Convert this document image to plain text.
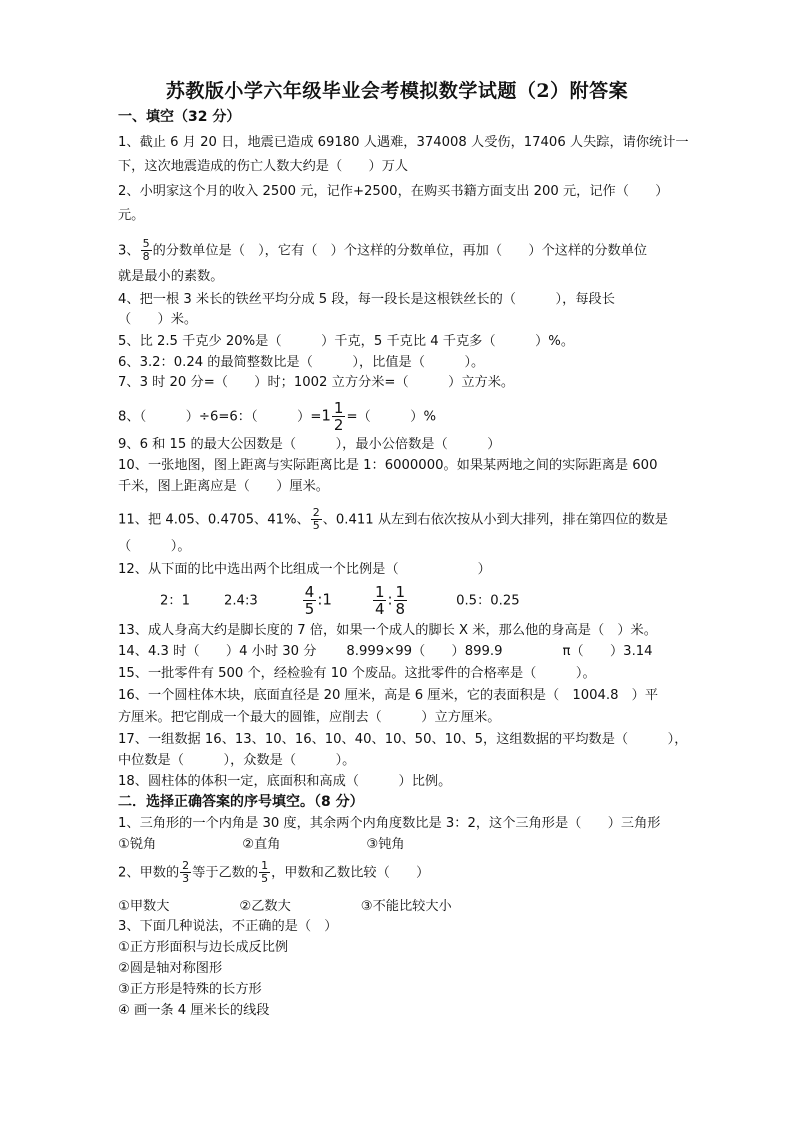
苏教版小学六年级毕业会考模拟数学试题（2）附答案
一、填空（32 分）
1、截止 6 月 20 日，地震已造成 69180 人遇难，374008 人受伤，17406 人失踪，请你统计一
下，这次地震造成的伤亡人数大约是（　　）万人
2、小明家这个月的收入 2500 元，记作+2500，在购买书籍方面支出 200 元，记作（　　）
元。
3、 $\frac{5}{8}$ 的分数单位是（　），它有（　）个这样的分数单位，再加（　　）个这样的分数单位
就是最小的素数。
4、把一根 3 米长的铁丝平均分成 5 段，每一段长是这根铁丝长的（　　　），每段长
（　　）米。
5、比 2.5 千克少 20%是（　　　）千克，5 千克比 4 千克多（　　　）%。
6、3.2：0.24 的最简整数比是（　　　），比值是（　　　）。
7、3 时 20 分=（　　）时；1002 立方分米=（　　　）立方米。
8、（　　　）÷6=6：（　　　）$=1 \frac{1}{2}$ =（　　　）%
9、6 和 15 的最大公因数是（　　　），最小公倍数是（　　　）
10、一张地图，图上距离与实际距离比是 1：6000000。如果某两地之间的实际距离是 600
千米，图上距离应是（　　）厘米。
11、把 4.05、0.4705、41%、 $\frac{2}{5}$ 、0.411 从左到右依次按从小到大排列，排在第四位的数是
（　　　）。
12、从下面的比中选出两个比组成一个比例是（　　　　　　）
2：1	2.4:3	$\frac{4}{5}$ :1	$\frac{1}{4}$ : $\frac{1}{8}$	0.5：0.25
13、成人身高大约是脚长度的 7 倍，如果一个成人的脚长 X 米，那么他的身高是（　）米。
14、4.3 时（　　）4 小时 30 分 8.999×99（　　）899.9	π（　　）3.14
15、一批零件有 500 个，经检验有 10 个废品。这批零件的合格率是（　　　）。
16、一个圆柱体木块，底面直径是 20 厘米，高是 6 厘米，它的表面积是（　1004.8　）平
方厘米。把它削成一个最大的圆锥，应削去（　　　）立方厘米。
17、一组数据 16、13、10、16、10、40、10、50、10、5，这组数据的平均数是（　　　），
中位数是（　　　），众数是（　　　）。
18、圆柱体的体积一定，底面积和高成（　　　）比例。
二．选择正确答案的序号填空。（8 分）
1、三角形的一个内角是 30 度，其余两个内角度数比是 3：2，这个三角形是（　　）三角形
①锐角	②直角	③钝角
2、甲数的 $\frac{2}{3}$ 等于乙数的 $\frac{1}{5}$ ，甲数和乙数比较（　　）
①甲数大	②乙数大	③不能比较大小
3、下面几种说法，不正确的是（　）
①正方形面积与边长成反比例
②圆是轴对称图形
③正方形是特殊的长方形
④ 画一条 4 厘米长的线段
